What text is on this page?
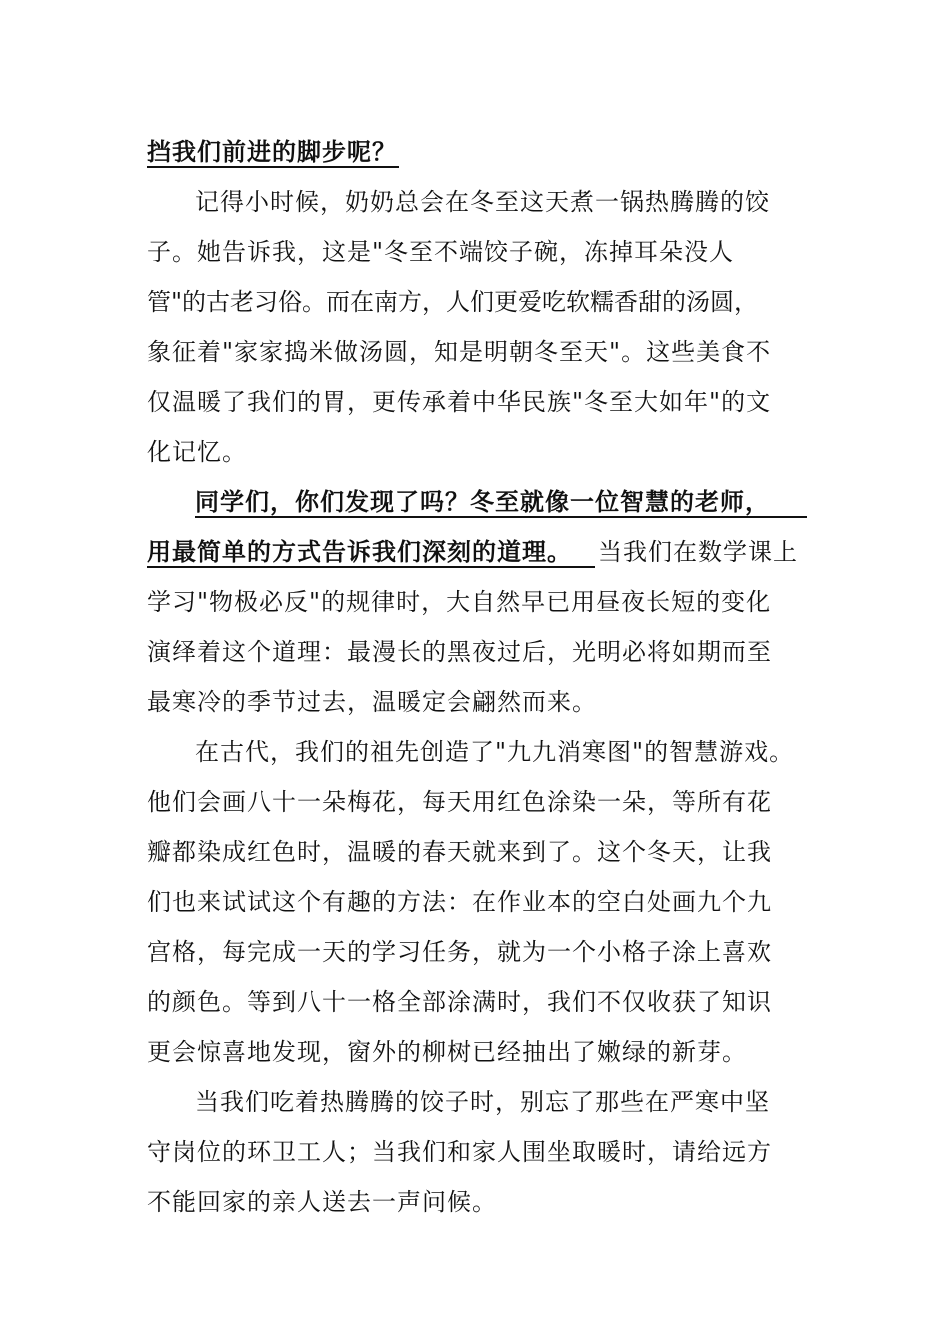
挡我们前进的脚步呢？
记得小时候，奶奶总会在冬至这天煮一锅热腾腾的饺
子。她告诉我，这是"冬至不端饺子碗，冻掉耳朵没人
管"的古老习俗。而在南方，人们更爱吃软糯香甜的汤圆，
象征着"家家捣米做汤圆，知是明朝冬至天"。这些美食不
仅温暖了我们的胃，更传承着中华民族"冬至大如年"的文
化记忆。
同学们，你们发现了吗？冬至就像一位智慧的老师，
用最简单的方式告诉我们深刻的道理。	当我们在数学课上
学习"物极必反"的规律时，大自然早已用昼夜长短的变化
演绎着这个道理：最漫长的黑夜过后，光明必将如期而至
最寒冷的季节过去，温暖定会翩然而来。
在古代，我们的祖先创造了"九九消寒图"的智慧游戏。
他们会画八十一朵梅花，每天用红色涂染一朵，等所有花
瓣都染成红色时，温暖的春天就来到了。这个冬天，让我
们也来试试这个有趣的方法：在作业本的空白处画九个九
宫格，每完成一天的学习任务，就为一个小格子涂上喜欢
的颜色。等到八十一格全部涂满时，我们不仅收获了知识
更会惊喜地发现，窗外的柳树已经抽出了嫩绿的新芽。
当我们吃着热腾腾的饺子时，别忘了那些在严寒中坚
守岗位的环卫工人；当我们和家人围坐取暖时，请给远方
不能回家的亲人送去一声问候。
